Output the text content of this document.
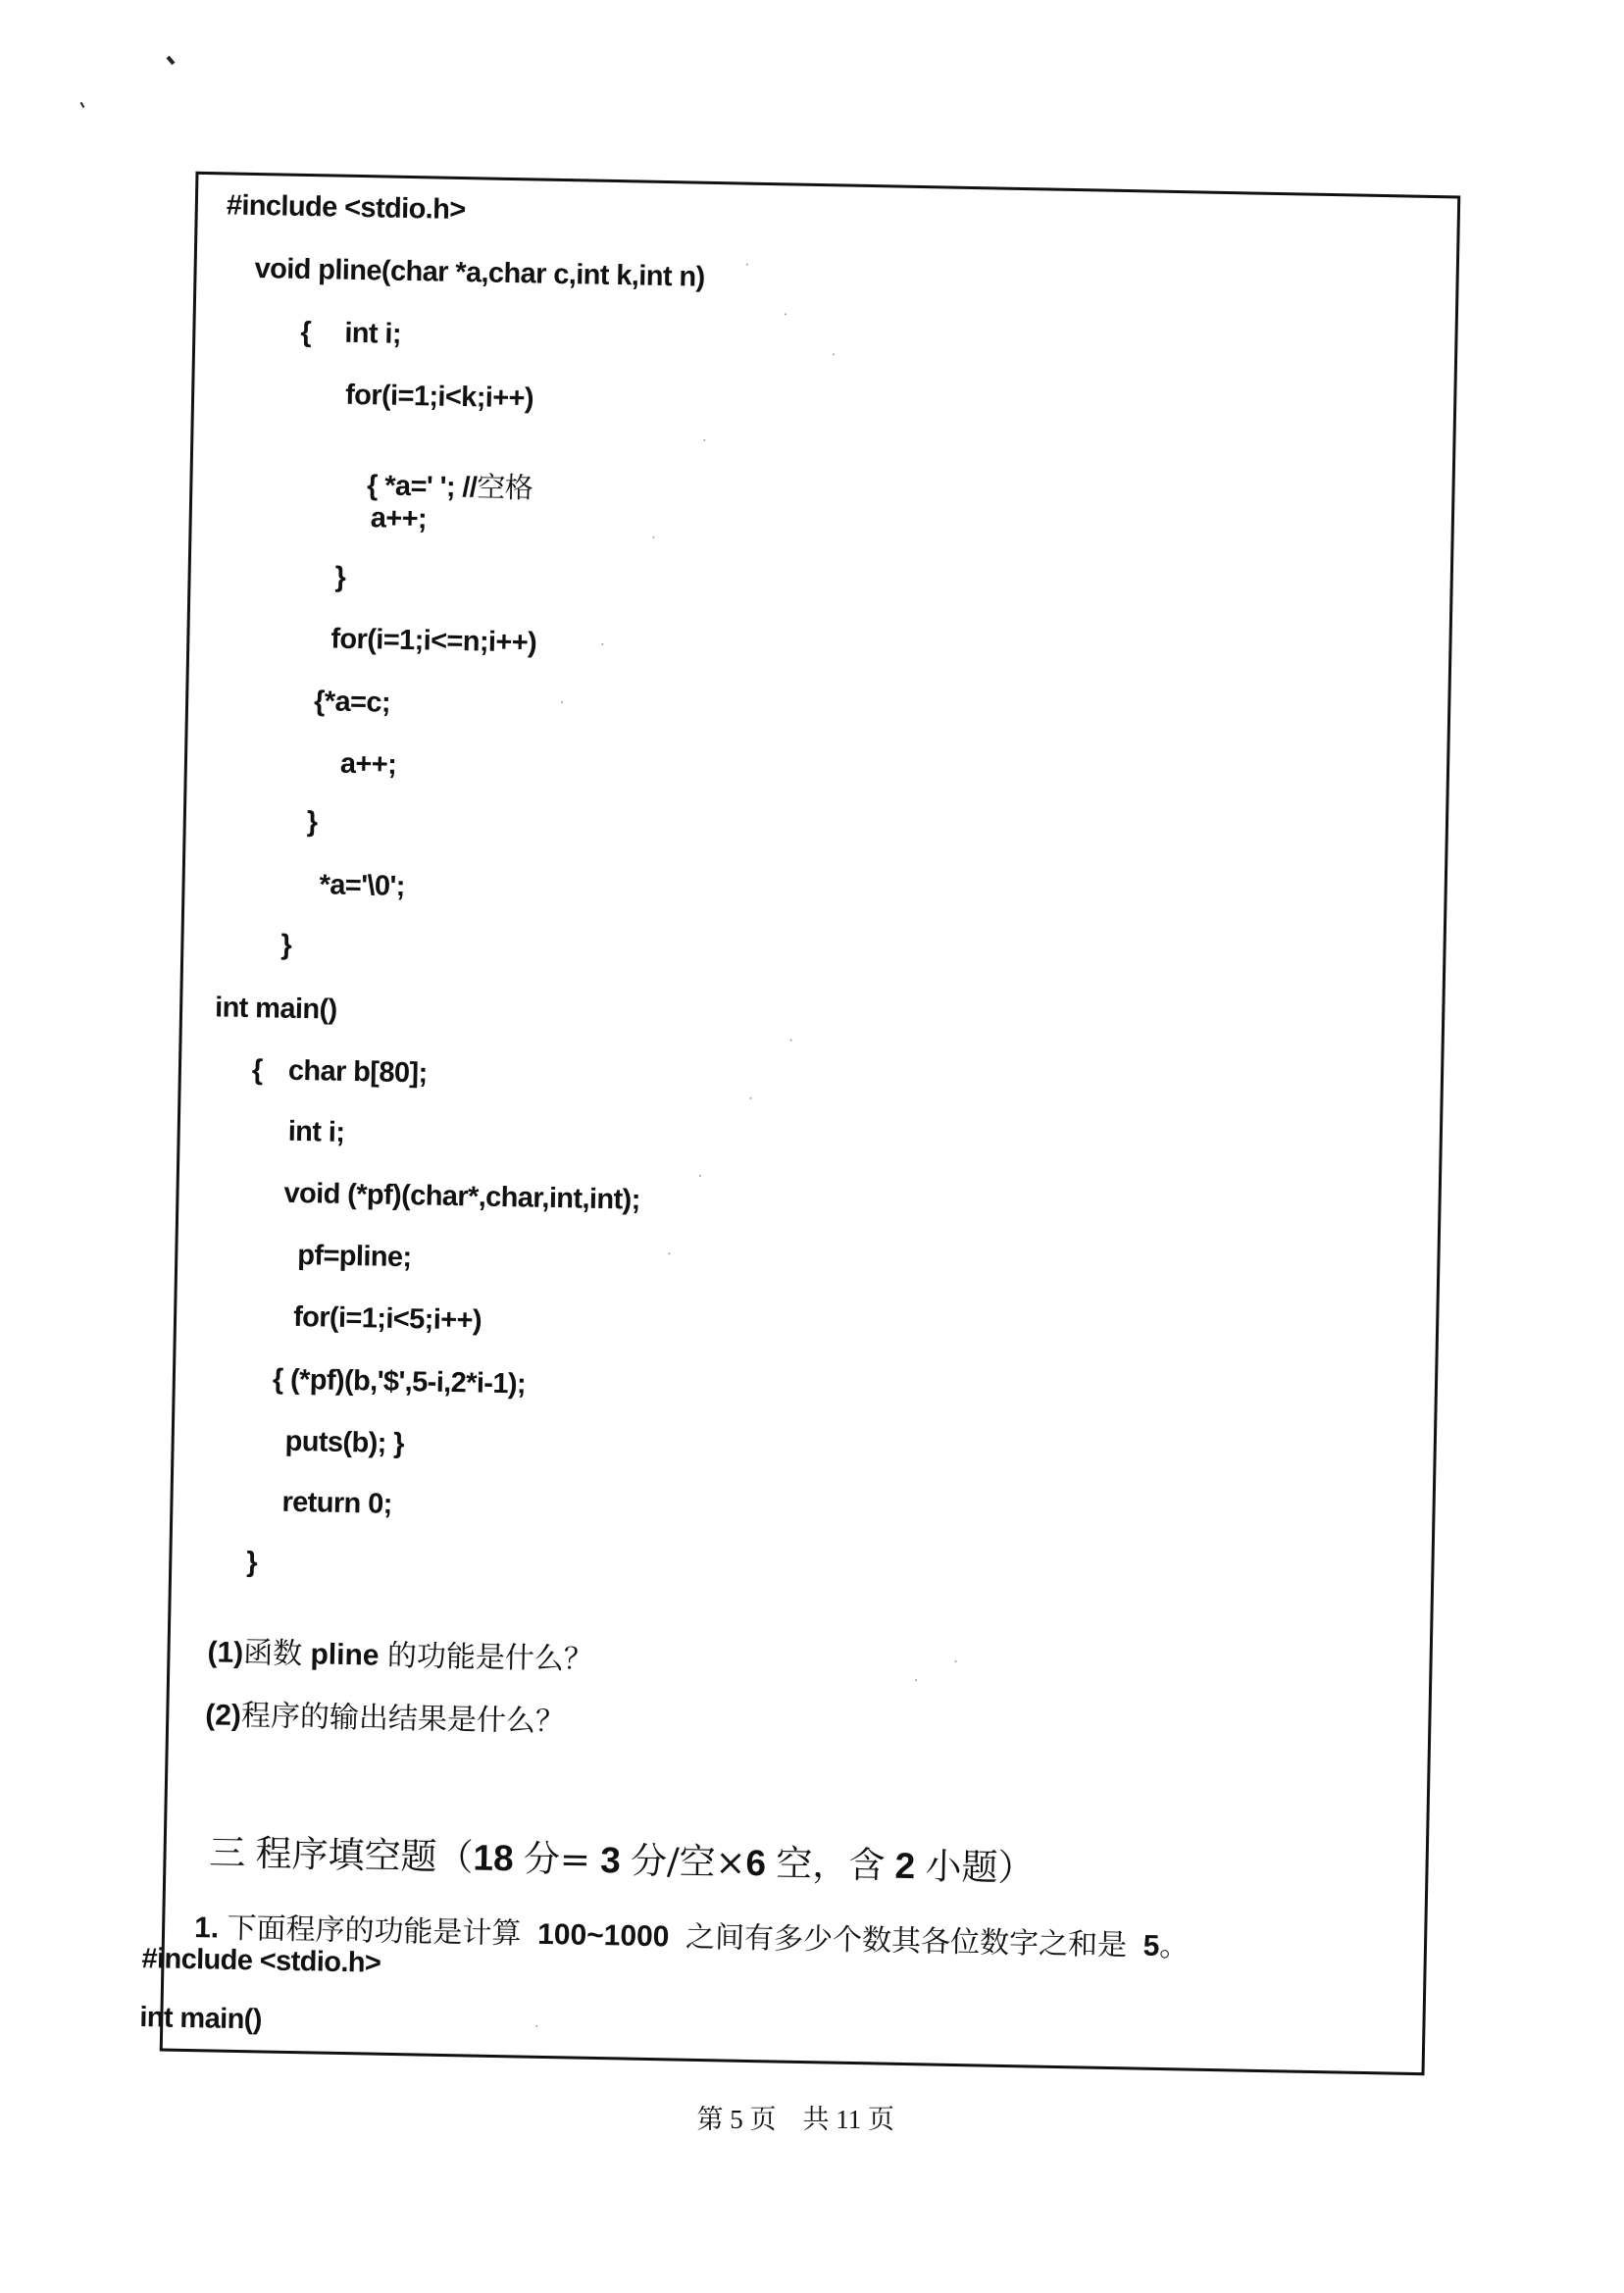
#include <stdio.h>
void pline(char *a,char c,int k,int n)
{ int i;
for(i=1;i<k;i++)

{ *a=' '; //空格

a++;
}
for(i=1;i<=n;i++)
{*a=c;
a++;
}
*a='\0';
}
int main()
{ char b[80];
int i;
void (*pf)(char*,char,int,int);
pf=pline;
for(i=1;i<5;i++)
{ (*pf)(b,'$',5-i,2*i-1);
puts(b); }
return 0;
}

(1)函数 pline 的功能是什么？

(2)程序的输出结果是什么？

三 程序填空题（18 分= 3 分/空×6 空，含 2 小题）

1. 下面程序的功能是计算 100~1000 之间有多少个数其各位数字之和是 5。

#include <stdio.h>
int main()

第 5 页 共 11 页
